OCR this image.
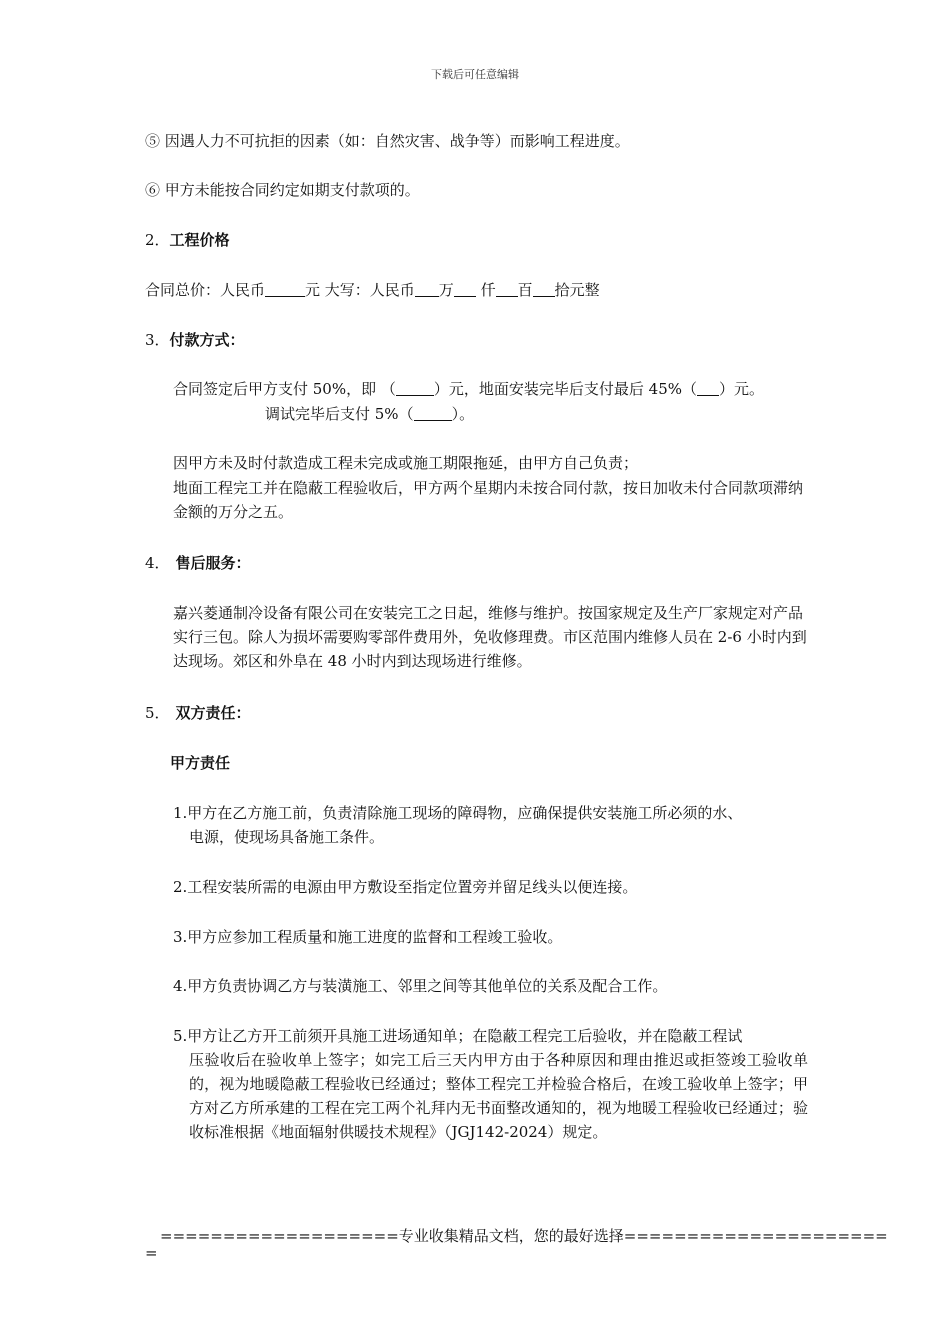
下载后可任意编辑
⑤ 因遇人力不可抗拒的因素（如：自然灾害、战争等）而影响工程进度。
⑥ 甲方未能按合同约定如期支付款项的。
2．工程价格
合同总价：人民币	元 大写：人民币 万 仟 百 拾元整
3．付款方式：
合同签定后甲方支付 50%，即 （	）元，地面安装完毕后支付最后 45%（ ）元。
调试完毕后支付 5%（	）。
因甲方未及时付款造成工程未完成或施工期限拖延，由甲方自己负责；
地面工程完工并在隐蔽工程验收后，甲方两个星期内未按合同付款，按日加收未付合同款项滞纳金额的万分之五。
4． 售后服务：
嘉兴菱通制冷设备有限公司在安装完工之日起，维修与维护。按国家规定及生产厂家规定对产品实行三包。除人为损坏需要购零部件费用外，免收修理费。市区范围内维修人员在 2-6 小时内到达现场。郊区和外阜在 48 小时内到达现场进行维修。
5． 双方责任：
甲方责任
1.甲方在乙方施工前，负责清除施工现场的障碍物，应确保提供安装施工所必须的水、
电源，使现场具备施工条件。
2.工程安装所需的电源由甲方敷设至指定位置旁并留足线头以便连接。
3.甲方应参加工程质量和施工进度的监督和工程竣工验收。
4.甲方负责协调乙方与装潢施工、邻里之间等其他单位的关系及配合工作。
5.甲方让乙方开工前须开具施工进场通知单；在隐蔽工程完工后验收，并在隐蔽工程试
压验收后在验收单上签字；如完工后三天内甲方由于各种原因和理由推迟或拒签竣工验收单的，视为地暖隐蔽工程验收已经通过；整体工程完工并检验合格后，在竣工验收单上签字；甲方对乙方所承建的工程在完工两个礼拜内无书面整改通知的，视为地暖工程验收已经通过；验收标准根据《地面辐射供暖技术规程》（JGJ142-2024）规定。
===================专业收集精品文档，您的最好选择=====================
=
